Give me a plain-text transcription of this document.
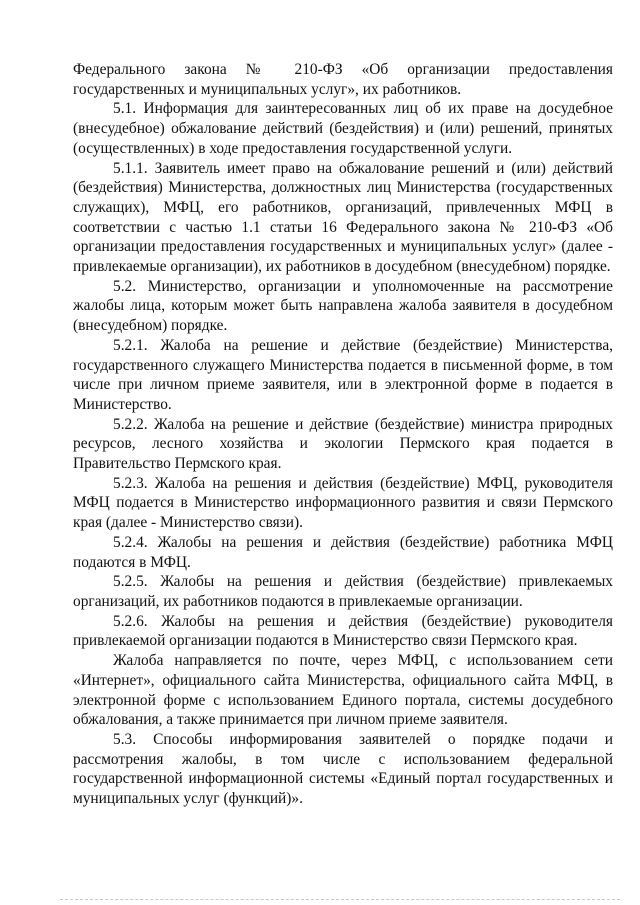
Федерального закона № 210-ФЗ «Об организации предоставления государственных и муниципальных услуг», их работников.

5.1. Информация для заинтересованных лиц об их праве на досудебное (внесудебное) обжалование действий (бездействия) и (или) решений, принятых (осуществленных) в ходе предоставления государственной услуги.

5.1.1. Заявитель имеет право на обжалование решений и (или) действий (бездействия) Министерства, должностных лиц Министерства (государственных служащих), МФЦ, его работников, организаций, привлеченных МФЦ в соответствии с частью 1.1 статьи 16 Федерального закона № 210-ФЗ «Об организации предоставления государственных и муниципальных услуг» (далее - привлекаемые организации), их работников в досудебном (внесудебном) порядке.

5.2. Министерство, организации и уполномоченные на рассмотрение жалобы лица, которым может быть направлена жалоба заявителя в досудебном (внесудебном) порядке.

5.2.1. Жалоба на решение и действие (бездействие) Министерства, государственного служащего Министерства подается в письменной форме, в том числе при личном приеме заявителя, или в электронной форме в подается в Министерство.

5.2.2. Жалоба на решение и действие (бездействие) министра природных ресурсов, лесного хозяйства и экологии Пермского края подается в Правительство Пермского края.

5.2.3. Жалоба на решения и действия (бездействие) МФЦ, руководителя МФЦ подается в Министерство информационного развития и связи Пермского края (далее - Министерство связи).

5.2.4. Жалобы на решения и действия (бездействие) работника МФЦ подаются в МФЦ.

5.2.5. Жалобы на решения и действия (бездействие) привлекаемых организаций, их работников подаются в привлекаемые организации.

5.2.6. Жалобы на решения и действия (бездействие) руководителя привлекаемой организации подаются в Министерство связи Пермского края.

Жалоба направляется по почте, через МФЦ, с использованием сети «Интернет», официального сайта Министерства, официального сайта МФЦ, в электронной форме с использованием Единого портала, системы досудебного обжалования, а также принимается при личном приеме заявителя.

5.3. Способы информирования заявителей о порядке подачи и рассмотрения жалобы, в том числе с использованием федеральной государственной информационной системы «Единый портал государственных и муниципальных услуг (функций)».
